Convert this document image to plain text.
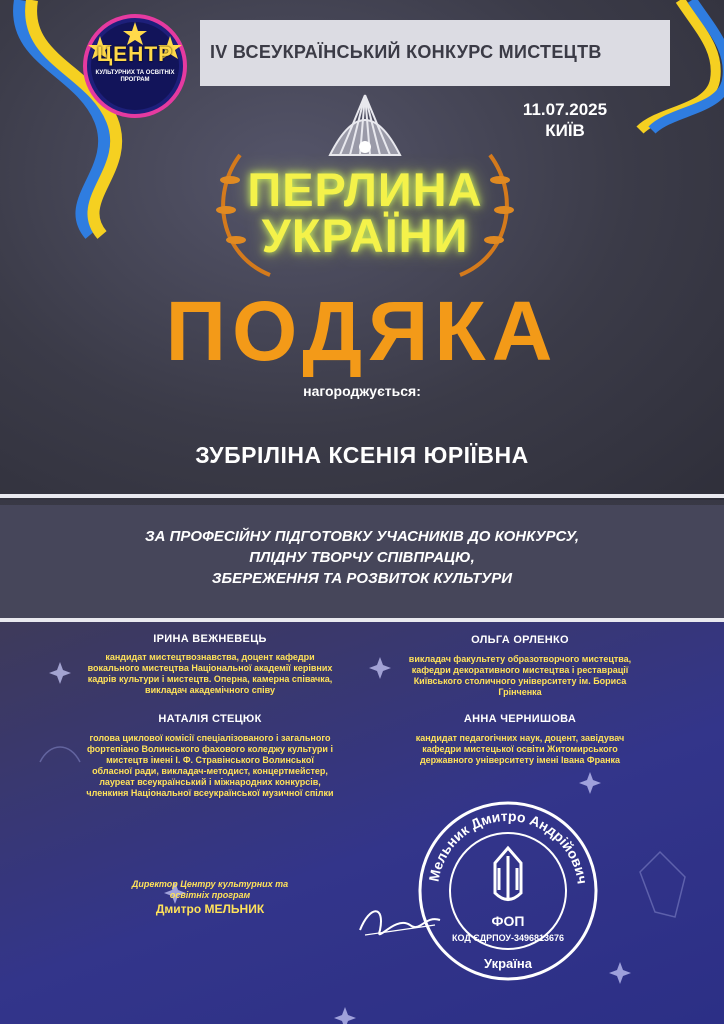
ЦЕНТР
КУЛЬТУРНИХ ТА ОСВІТНІХ ПРОГРАМ
IV ВСЕУКРАЇНСЬКИЙ КОНКУРС МИСТЕЦТВ
11.07.2025
КИЇВ
ПЕРЛИНА
УКРАЇНИ
ПОДЯКА
нагороджується:
ЗУБРІЛІНА КСЕНІЯ ЮРІЇВНА
ЗА ПРОФЕСІЙНУ ПІДГОТОВКУ УЧАСНИКІВ ДО КОНКУРСУ,
ПЛІДНУ ТВОРЧУ СПІВПРАЦЮ,
ЗБЕРЕЖЕННЯ ТА РОЗВИТОК КУЛЬТУРИ
ІРИНА ВЕЖНЕВЕЦЬ
кандидат мистецтвознавства, доцент кафедри вокального мистецтва Національної академії керівних кадрів культури і мистецтв. Оперна, камерна співачка, викладач академічного співу
ОЛЬГА ОРЛЕНКО
викладач факультету образотворчого мистецтва, кафедри декоративного мистецтва і реставрації Київського столичного університету ім. Бориса Грінченка
НАТАЛІЯ СТЕЦЮК
голова циклової комісії спеціалізованого і загального фортепіано Волинського фахового коледжу культури і мистецтв імені І. Ф. Стравінського Волинської обласної ради, викладач-методист, концертмейстер, лауреат всеукраїнський і міжнародних конкурсів, членкиня Національної всеукраїнської музичної спілки
АННА ЧЕРНИШОВА
кандидат педагогічних наук, доцент, завідувач кафедри мистецької освіти Житомирського державного університету імені Івана Франка
Директор Центру культурних та освітніх програм
Дмитро МЕЛЬНИК
Мельник Дмитро Андрійович
ФОП
КОД ЄДРПОУ-3496813676
Україна
